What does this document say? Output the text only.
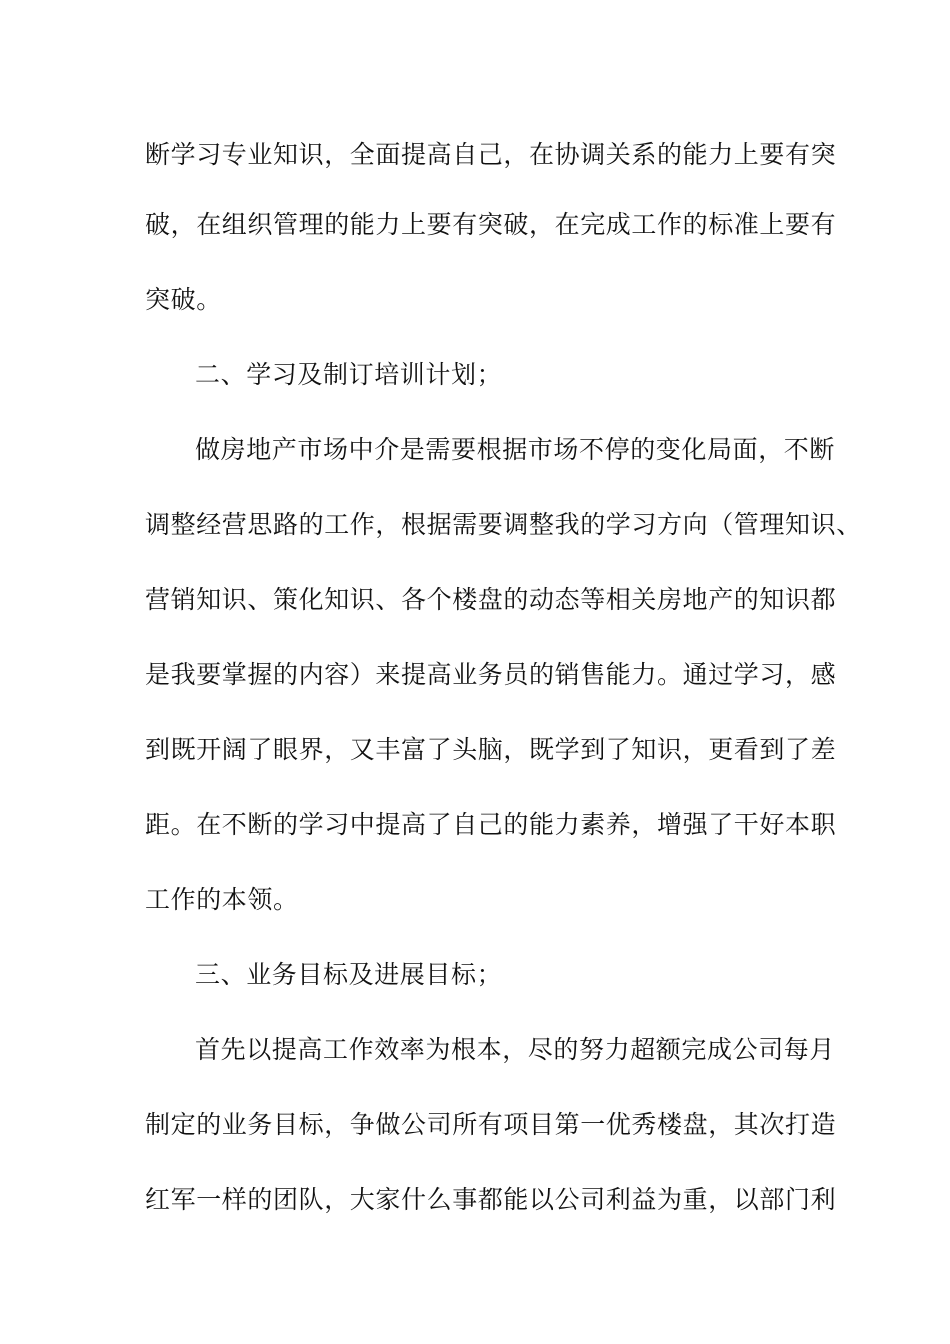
断学习专业知识，全面提高自己，在协调关系的能力上要有突
破，在组织管理的能力上要有突破，在完成工作的标准上要有
突破。
二、学习及制订培训计划；
做房地产市场中介是需要根据市场不停的变化局面，不断
调整经营思路的工作，根据需要调整我的学习方向（管理知识、
营销知识、策化知识、各个楼盘的动态等相关房地产的知识都
是我要掌握的内容）来提高业务员的销售能力。通过学习，感
到既开阔了眼界，又丰富了头脑，既学到了知识，更看到了差
距。在不断的学习中提高了自己的能力素养，增强了干好本职
工作的本领。
三、业务目标及进展目标；
首先以提高工作效率为根本，尽的努力超额完成公司每月
制定的业务目标，争做公司所有项目第一优秀楼盘，其次打造
红军一样的团队，大家什么事都能以公司利益为重，以部门利
